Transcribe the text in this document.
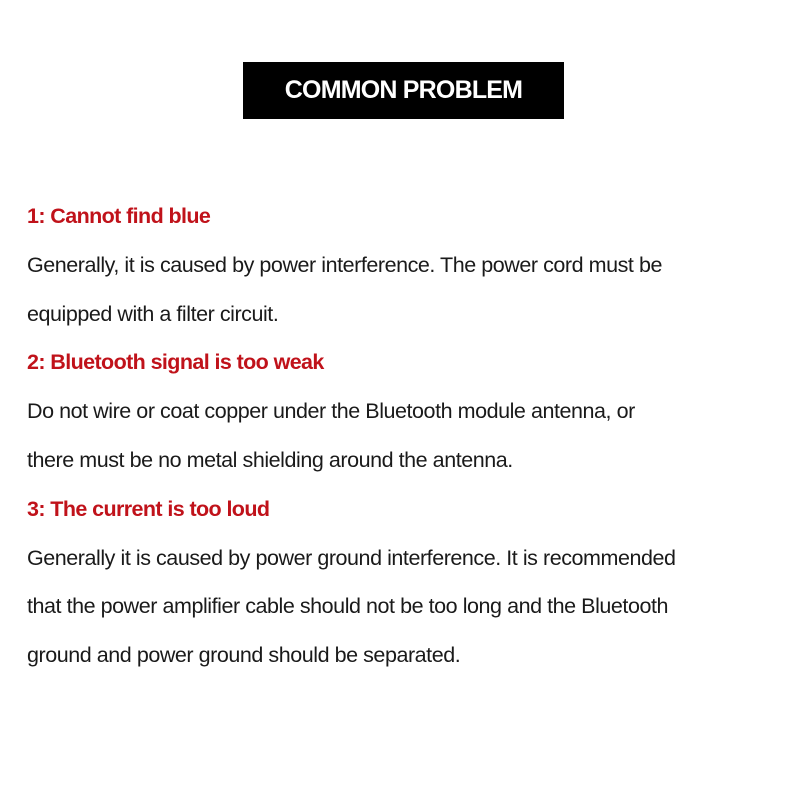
COMMON PROBLEM
1: Cannot find blue
Generally, it is caused by power interference. The power cord must be
equipped with a filter circuit.
2: Bluetooth signal is too weak
Do not wire or coat copper under the Bluetooth module antenna, or
there must be no metal shielding around the antenna.
3: The current is too loud
Generally it is caused by power ground interference. It is recommended
that the power amplifier cable should not be too long and the Bluetooth
ground and power ground should be separated.
